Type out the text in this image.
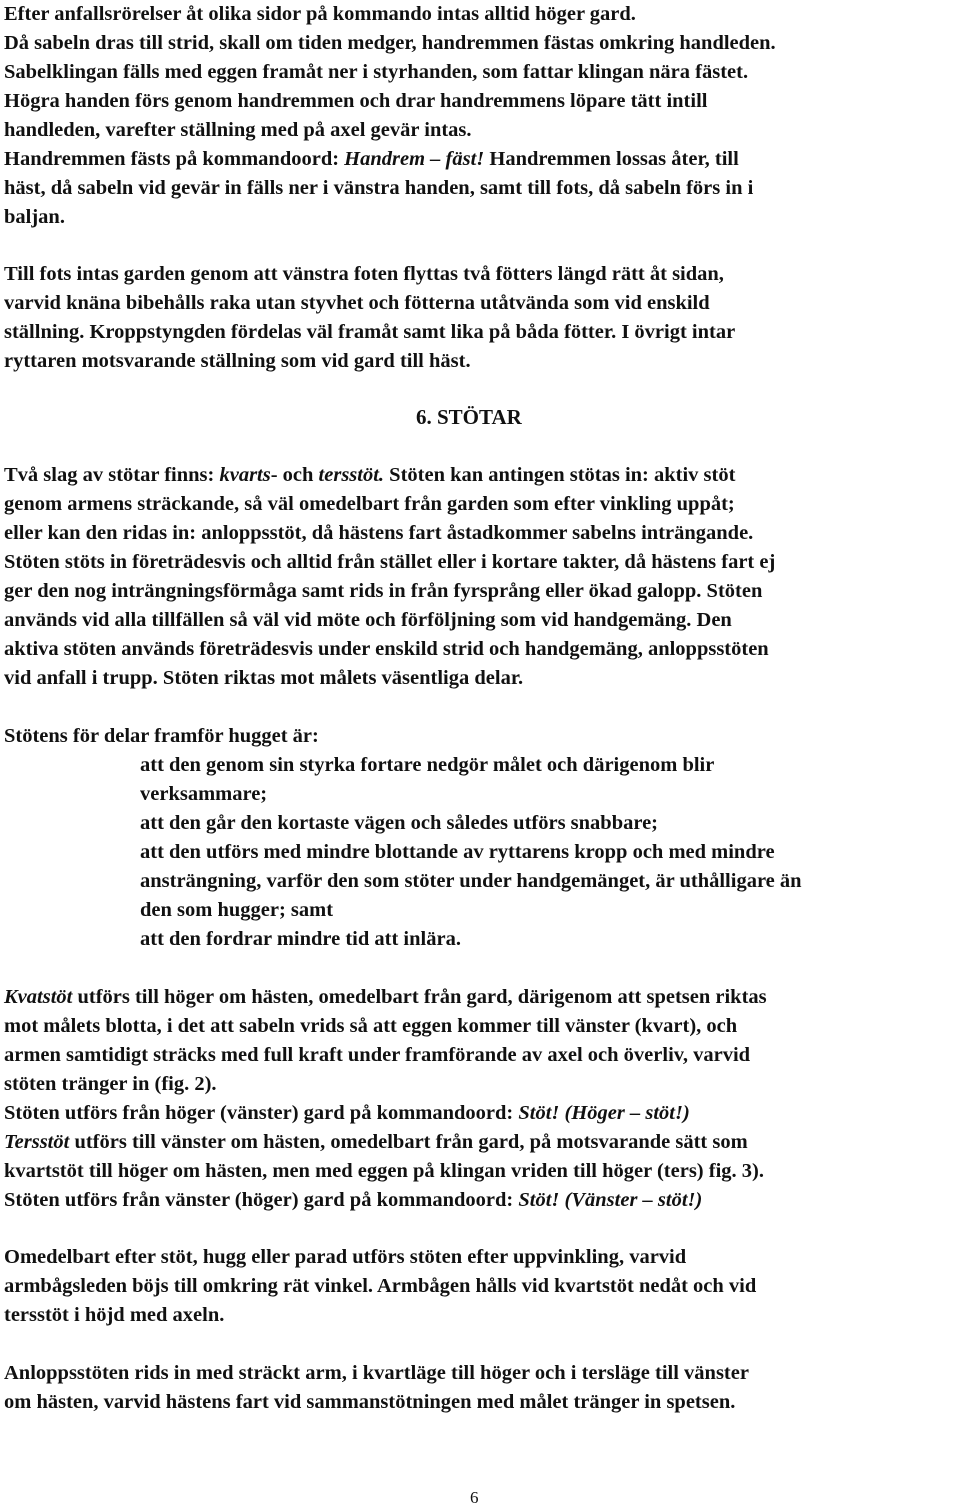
Efter anfallsrörelser åt olika sidor på kommando intas alltid höger gard.
Då sabeln dras till strid, skall om tiden medger, handremmen fästas omkring handleden.
Sabelklingan fälls med eggen framåt ner i styrhanden, som fattar klingan nära fästet.
Högra handen förs genom handremmen och drar handremmens löpare tätt intill
handleden, varefter ställning med på axel gevär intas.
Handremmen fästs på kommandoord: Handrem – fäst! Handremmen lossas åter, till
häst, då sabeln vid gevär in fälls ner i vänstra handen, samt till fots, då sabeln förs in i
baljan.
Till fots intas garden genom att vänstra foten flyttas två fötters längd rätt åt sidan,
varvid knäna bibehålls raka utan styvhet och fötterna utåtvända som vid enskild
ställning. Kroppstyngden fördelas väl framåt samt lika på båda fötter. I övrigt intar
ryttaren motsvarande ställning som vid gard till häst.
6. STÖTAR
Två slag av stötar finns: kvarts- och tersstöt. Stöten kan antingen stötas in: aktiv stöt
genom armens sträckande, så väl omedelbart från garden som efter vinkling uppåt;
eller kan den ridas in: anloppsstöt, då hästens fart åstadkommer sabelns inträngande.
Stöten stöts in företrädesvis och alltid från stället eller i kortare takter, då hästens fart ej
ger den nog inträngningsförmåga samt rids in från fyrsprång eller ökad galopp. Stöten
används vid alla tillfällen så väl vid möte och förföljning som vid handgemäng. Den
aktiva stöten används företrädesvis under enskild strid och handgemäng, anloppsstöten
vid anfall i trupp. Stöten riktas mot målets väsentliga delar.
Stötens för delar framför hugget är:
att den genom sin styrka fortare nedgör målet och därigenom blir
verksammare;
att den går den kortaste vägen och således utförs snabbare;
att den utförs med mindre blottande av ryttarens kropp och med mindre
ansträngning, varför den som stöter under handgemänget, är uthålligare än
den som hugger; samt
att den fordrar mindre tid att inlära.
Kvatstöt utförs till höger om hästen, omedelbart från gard, därigenom att spetsen riktas
mot målets blotta, i det att sabeln vrids så att eggen kommer till vänster (kvart), och
armen samtidigt sträcks med full kraft under framförande av axel och överliv, varvid
stöten tränger in (fig. 2).
Stöten utförs från höger (vänster) gard på kommandoord: Stöt! (Höger – stöt!)
Tersstöt utförs till vänster om hästen, omedelbart från gard, på motsvarande sätt som
kvartstöt till höger om hästen, men med eggen på klingan vriden till höger (ters) fig. 3).
Stöten utförs från vänster (höger) gard på kommandoord: Stöt! (Vänster – stöt!)
Omedelbart efter stöt, hugg eller parad utförs stöten efter uppvinkling, varvid
armbågsleden böjs till omkring rät vinkel. Armbågen hålls vid kvartstöt nedåt och vid
tersstöt i höjd med axeln.
Anloppsstöten rids in med sträckt arm, i kvartläge till höger och i tersläge till vänster
om hästen, varvid hästens fart vid sammanstötningen med målet tränger in spetsen.
6
